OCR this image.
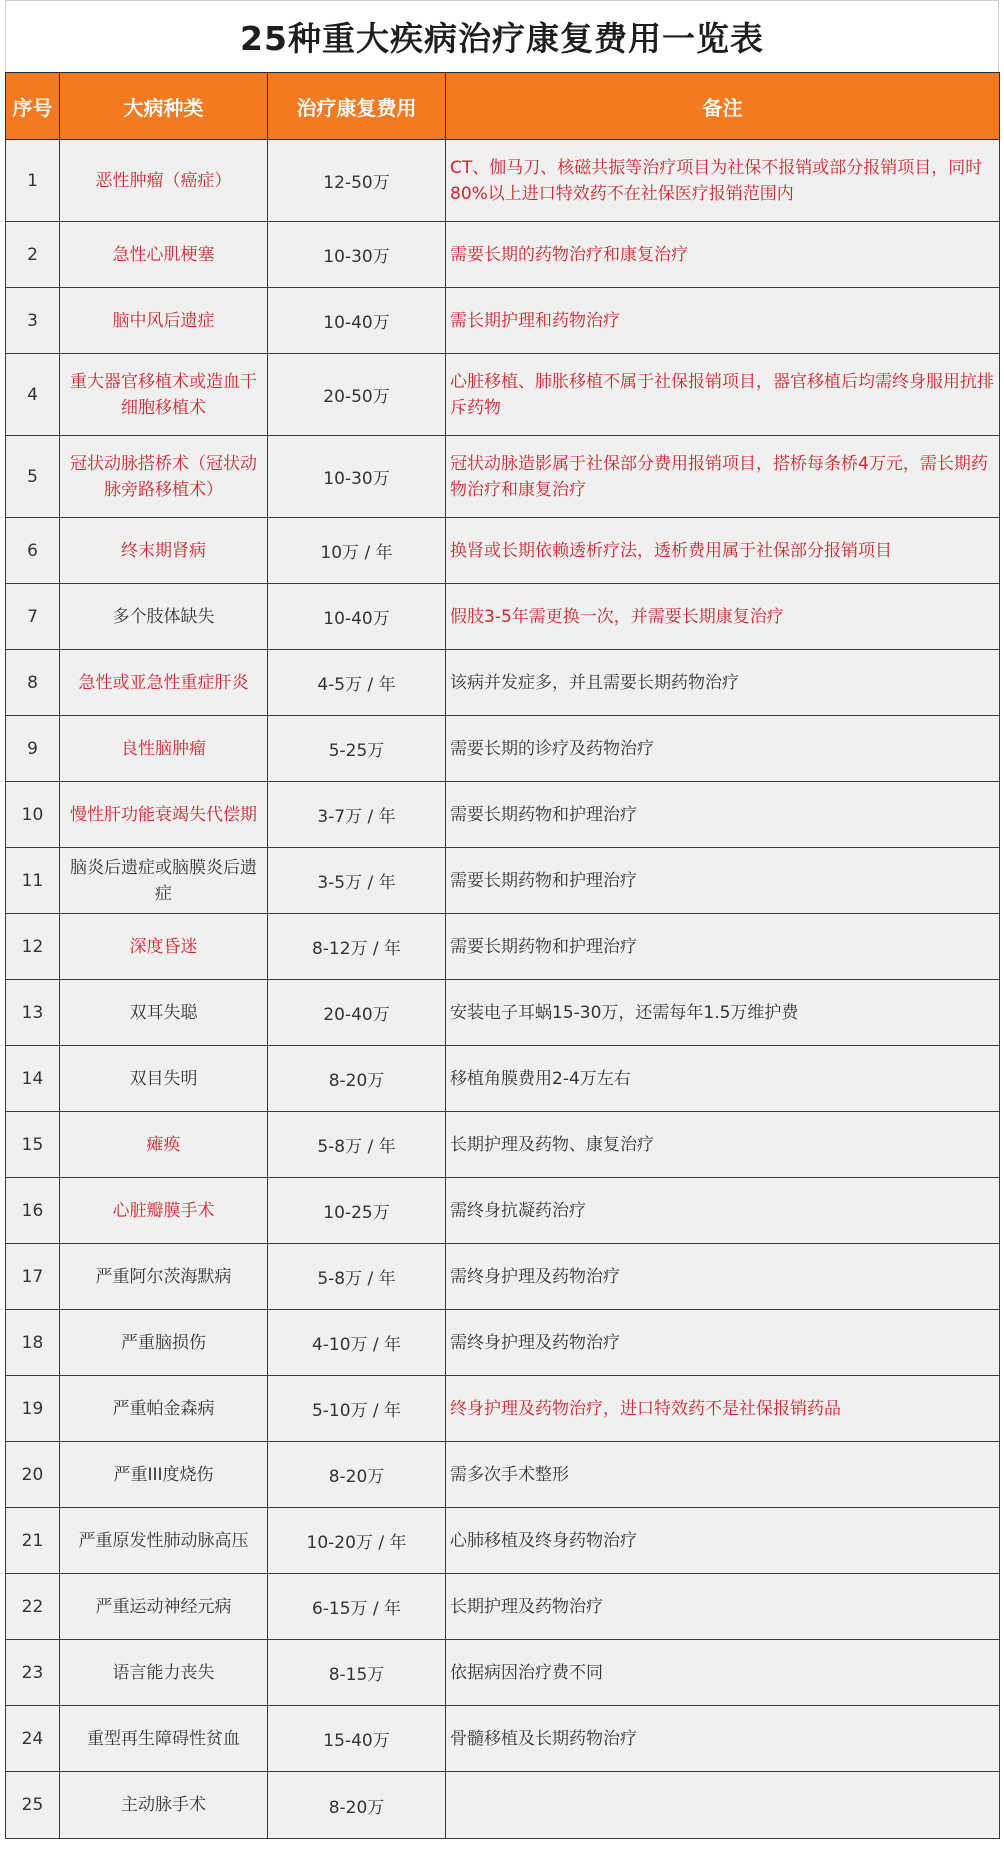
25种重大疾病治疗康复费用一览表
序号	大病种类	治疗康复费用	备注
1	恶性肿瘤（癌症）	12-50万	CT、伽马刀、核磁共振等治疗项目为社保不报销或部分报销项目，同时80%以上进口特效药不在社保医疗报销范围内
2	急性心肌梗塞	10-30万	需要长期的药物治疗和康复治疗
3	脑中风后遗症	10-40万	需长期护理和药物治疗
4	重大器官移植术或造血干细胞移植术	20-50万	心脏移植、肺胀移植不属于社保报销项目，器官移植后均需终身服用抗排斥药物
5	冠状动脉搭桥术（冠状动脉旁路移植术）	10-30万	冠状动脉造影属于社保部分费用报销项目，搭桥每条桥4万元，需长期药物治疗和康复治疗
6	终末期肾病	10万 / 年	换肾或长期依赖透析疗法，透析费用属于社保部分报销项目
7	多个肢体缺失	10-40万	假肢3-5年需更换一次，并需要长期康复治疗
8	急性或亚急性重症肝炎	4-5万 / 年	该病并发症多，并且需要长期药物治疗
9	良性脑肿瘤	5-25万	需要长期的诊疗及药物治疗
10	慢性肝功能衰竭失代偿期	3-7万 / 年	需要长期药物和护理治疗
11	脑炎后遗症或脑膜炎后遗症	3-5万 / 年	需要长期药物和护理治疗
12	深度昏迷	8-12万 / 年	需要长期药物和护理治疗
13	双耳失聪	20-40万	安装电子耳蜗15-30万，还需每年1.5万维护费
14	双目失明	8-20万	移植角膜费用2-4万左右
15	瘫痪	5-8万 / 年	长期护理及药物、康复治疗
16	心脏瓣膜手术	10-25万	需终身抗凝药治疗
17	严重阿尔茨海默病	5-8万 / 年	需终身护理及药物治疗
18	严重脑损伤	4-10万 / 年	需终身护理及药物治疗
19	严重帕金森病	5-10万 / 年	终身护理及药物治疗，进口特效药不是社保报销药品
20	严重III度烧伤	8-20万	需多次手术整形
21	严重原发性肺动脉高压	10-20万 / 年	心肺移植及终身药物治疗
22	严重运动神经元病	6-15万 / 年	长期护理及药物治疗
23	语言能力丧失	8-15万	依据病因治疗费不同
24	重型再生障碍性贫血	15-40万	骨髓移植及长期药物治疗
25	主动脉手术	8-20万	
